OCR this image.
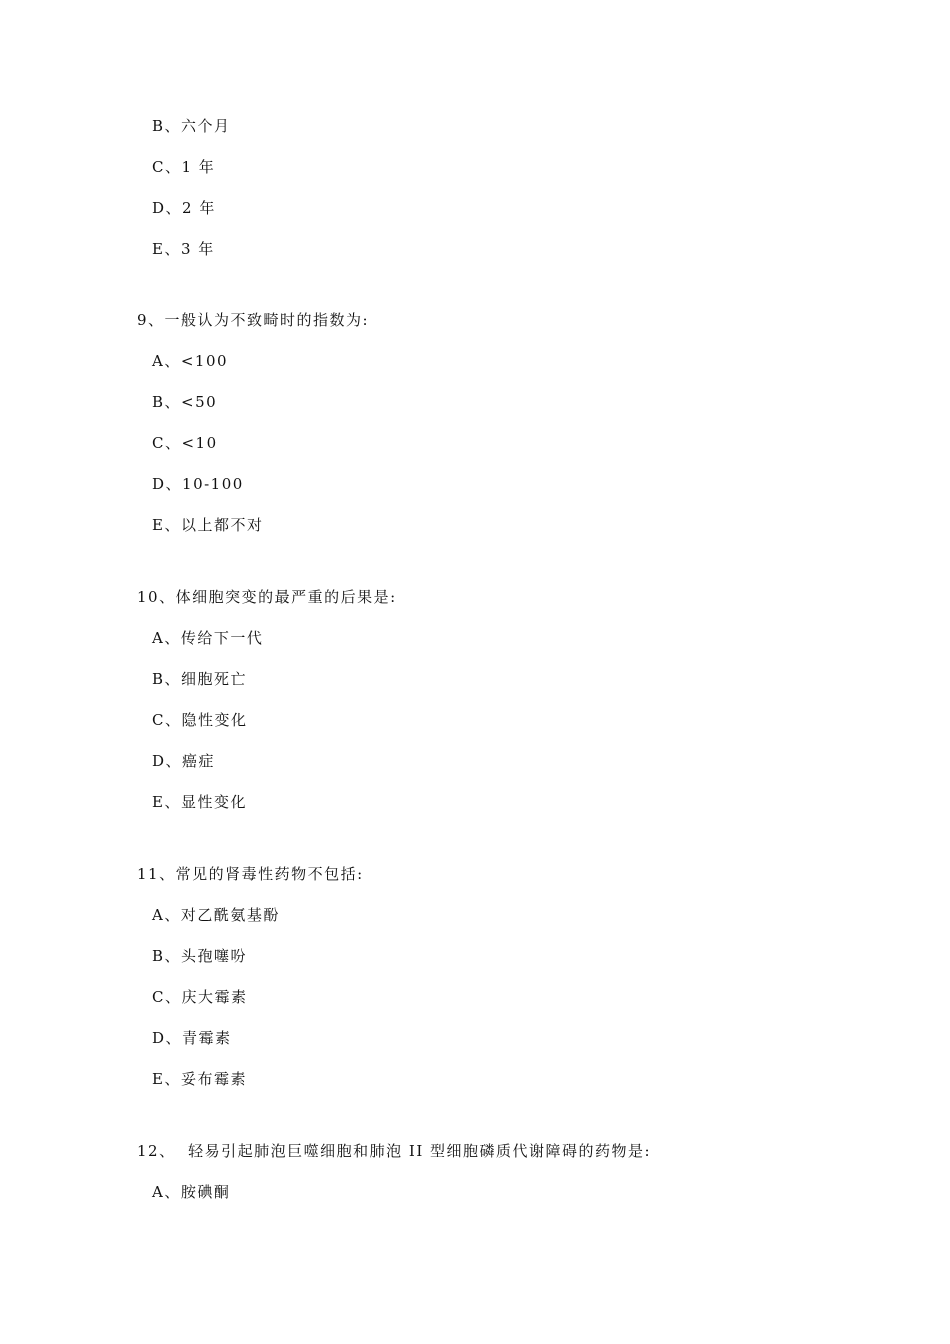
B、六个月
C、1 年
D、2 年
E、3 年
9、一般认为不致畸时的指数为:
A、<100
B、<50
C、<10
D、10-100
E、以上都不对
10、体细胞突变的最严重的后果是:
A、传给下一代
B、细胞死亡
C、隐性变化
D、癌症
E、显性变化
11、常见的肾毒性药物不包括:
A、对乙酰氨基酚
B、头孢噻吩
C、庆大霉素
D、青霉素
E、妥布霉素
12、  轻易引起肺泡巨噬细胞和肺泡 II 型细胞磷质代谢障碍的药物是:
A、胺碘酮
